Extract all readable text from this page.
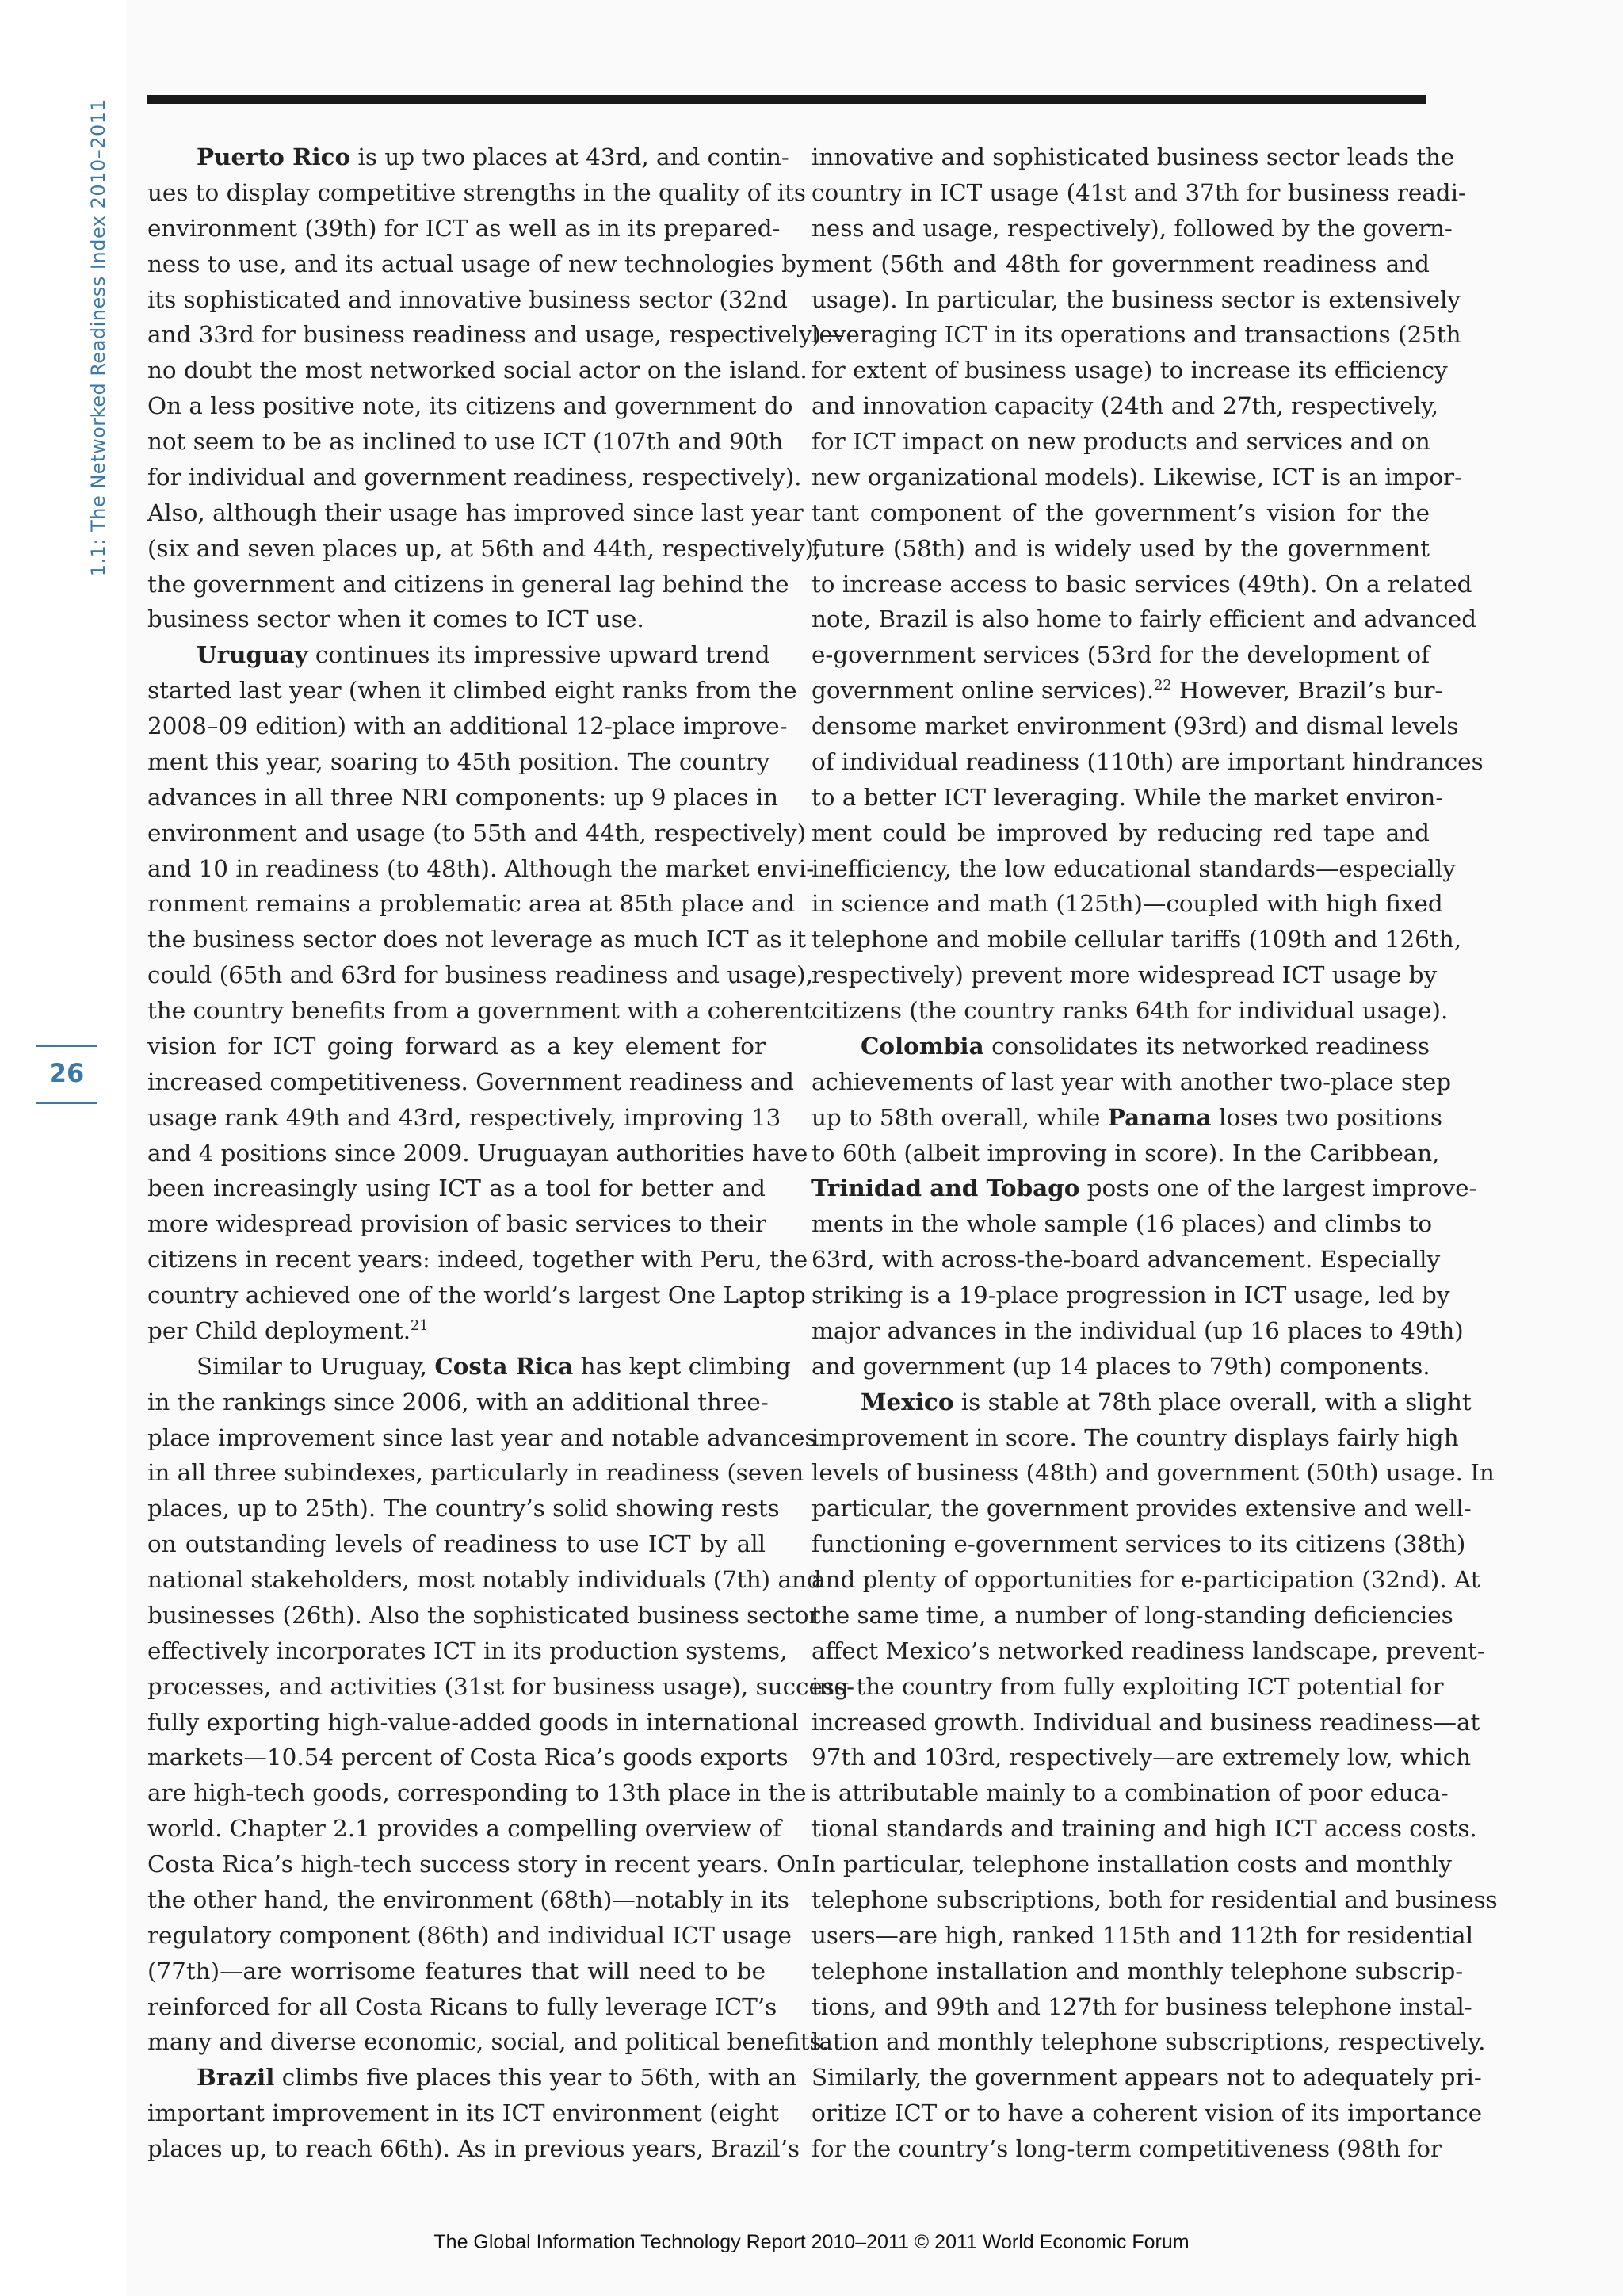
1.1: The Networked Readiness Index 2010–2011
26
Puerto Rico is up two places at 43rd, and contin-
ues to display competitive strengths in the quality of its
environment (39th) for ICT as well as in its prepared-
ness to use, and its actual usage of new technologies by
its sophisticated and innovative business sector (32nd
and 33rd for business readiness and usage, respectively)—
no doubt the most networked social actor on the island.
On a less positive note, its citizens and government do
not seem to be as inclined to use ICT (107th and 90th
for individual and government readiness, respectively).
Also, although their usage has improved since last year
(six and seven places up, at 56th and 44th, respectively),
the government and citizens in general lag behind the
business sector when it comes to ICT use.
Uruguay continues its impressive upward trend
started last year (when it climbed eight ranks from the
2008–09 edition) with an additional 12-place improve-
ment this year, soaring to 45th position. The country
advances in all three NRI components: up 9 places in
environment and usage (to 55th and 44th, respectively)
and 10 in readiness (to 48th). Although the market envi-
ronment remains a problematic area at 85th place and
the business sector does not leverage as much ICT as it
could (65th and 63rd for business readiness and usage),
the country benefits from a government with a coherent
vision for ICT going forward as a key element for
increased competitiveness. Government readiness and
usage rank 49th and 43rd, respectively, improving 13
and 4 positions since 2009. Uruguayan authorities have
been increasingly using ICT as a tool for better and
more widespread provision of basic services to their
citizens in recent years: indeed, together with Peru, the
country achieved one of the world’s largest One Laptop
per Child deployment.$^{21}$
Similar to Uruguay, Costa Rica has kept climbing
in the rankings since 2006, with an additional three-
place improvement since last year and notable advances
in all three subindexes, particularly in readiness (seven
places, up to 25th). The country’s solid showing rests
on outstanding levels of readiness to use ICT by all
national stakeholders, most notably individuals (7th) and
businesses (26th). Also the sophisticated business sector
effectively incorporates ICT in its production systems,
processes, and activities (31st for business usage), success-
fully exporting high-value-added goods in international
markets—10.54 percent of Costa Rica’s goods exports
are high-tech goods, corresponding to 13th place in the
world. Chapter 2.1 provides a compelling overview of
Costa Rica’s high-tech success story in recent years. On
the other hand, the environment (68th)—notably in its
regulatory component (86th) and individual ICT usage
(77th)—are worrisome features that will need to be
reinforced for all Costa Ricans to fully leverage ICT’s
many and diverse economic, social, and political benefits.
Brazil climbs five places this year to 56th, with an
important improvement in its ICT environment (eight
places up, to reach 66th). As in previous years, Brazil’s
innovative and sophisticated business sector leads the
country in ICT usage (41st and 37th for business readi-
ness and usage, respectively), followed by the govern-
ment (56th and 48th for government readiness and
usage). In particular, the business sector is extensively
leveraging ICT in its operations and transactions (25th
for extent of business usage) to increase its efficiency
and innovation capacity (24th and 27th, respectively,
for ICT impact on new products and services and on
new organizational models). Likewise, ICT is an impor-
tant component of the government’s vision for the
future (58th) and is widely used by the government
to increase access to basic services (49th). On a related
note, Brazil is also home to fairly efficient and advanced
e-government services (53rd for the development of
government online services).$^{22}$ However, Brazil’s bur-
densome market environment (93rd) and dismal levels
of individual readiness (110th) are important hindrances
to a better ICT leveraging. While the market environ-
ment could be improved by reducing red tape and
inefficiency, the low educational standards—especially
in science and math (125th)—coupled with high fixed
telephone and mobile cellular tariffs (109th and 126th,
respectively) prevent more widespread ICT usage by
citizens (the country ranks 64th for individual usage).
Colombia consolidates its networked readiness
achievements of last year with another two-place step
up to 58th overall, while Panama loses two positions
to 60th (albeit improving in score). In the Caribbean,
Trinidad and Tobago posts one of the largest improve-
ments in the whole sample (16 places) and climbs to
63rd, with across-the-board advancement. Especially
striking is a 19-place progression in ICT usage, led by
major advances in the individual (up 16 places to 49th)
and government (up 14 places to 79th) components.
Mexico is stable at 78th place overall, with a slight
improvement in score. The country displays fairly high
levels of business (48th) and government (50th) usage. In
particular, the government provides extensive and well-
functioning e-government services to its citizens (38th)
and plenty of opportunities for e-participation (32nd). At
the same time, a number of long-standing deficiencies
affect Mexico’s networked readiness landscape, prevent-
ing the country from fully exploiting ICT potential for
increased growth. Individual and business readiness—at
97th and 103rd, respectively—are extremely low, which
is attributable mainly to a combination of poor educa-
tional standards and training and high ICT access costs.
In particular, telephone installation costs and monthly
telephone subscriptions, both for residential and business
users—are high, ranked 115th and 112th for residential
telephone installation and monthly telephone subscrip-
tions, and 99th and 127th for business telephone instal-
lation and monthly telephone subscriptions, respectively.
Similarly, the government appears not to adequately pri-
oritize ICT or to have a coherent vision of its importance
for the country’s long-term competitiveness (98th for
The Global Information Technology Report 2010–2011 © 2011 World Economic Forum
